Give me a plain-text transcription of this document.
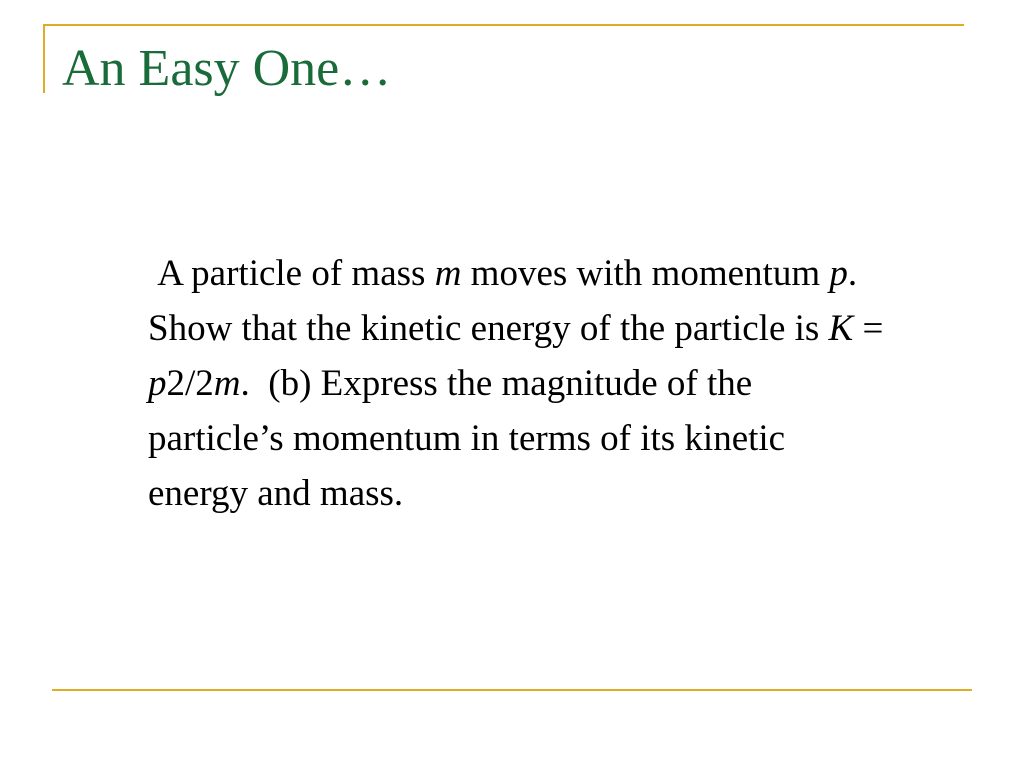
An Easy One…

A particle of mass m moves with momentum p.  Show that the kinetic energy of the particle is K = p2/2m.  (b) Express the magnitude of the particle’s momentum in terms of its kinetic energy and mass.
